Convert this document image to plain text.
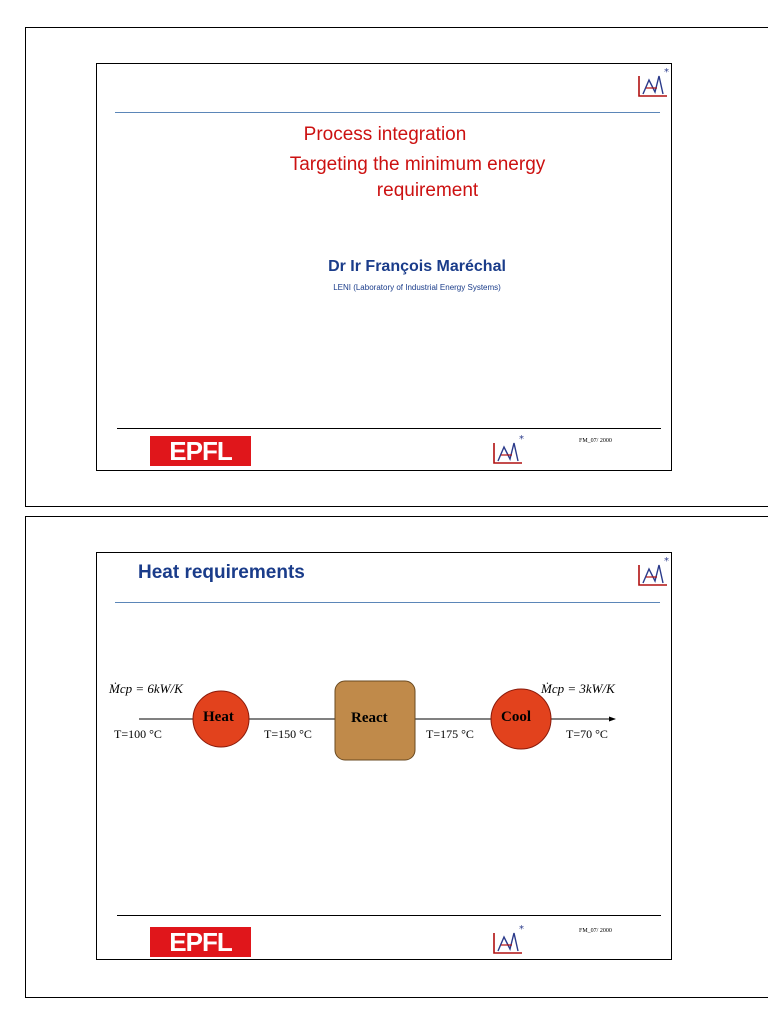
*
Process integration
Targeting the minimum energy
requirement
Dr Ir François Maréchal
LENI (Laboratory of Industrial Energy Systems)
EPFL	*	FM_07/ 2000
Heat requirements
*
Ṁcp = 6kW/K	Ṁcp = 3kW/K
Heat	React	Cool
T=100 °C	T=150 °C	T=175 °C	T=70 °C
EPFL	*	FM_07/ 2000
